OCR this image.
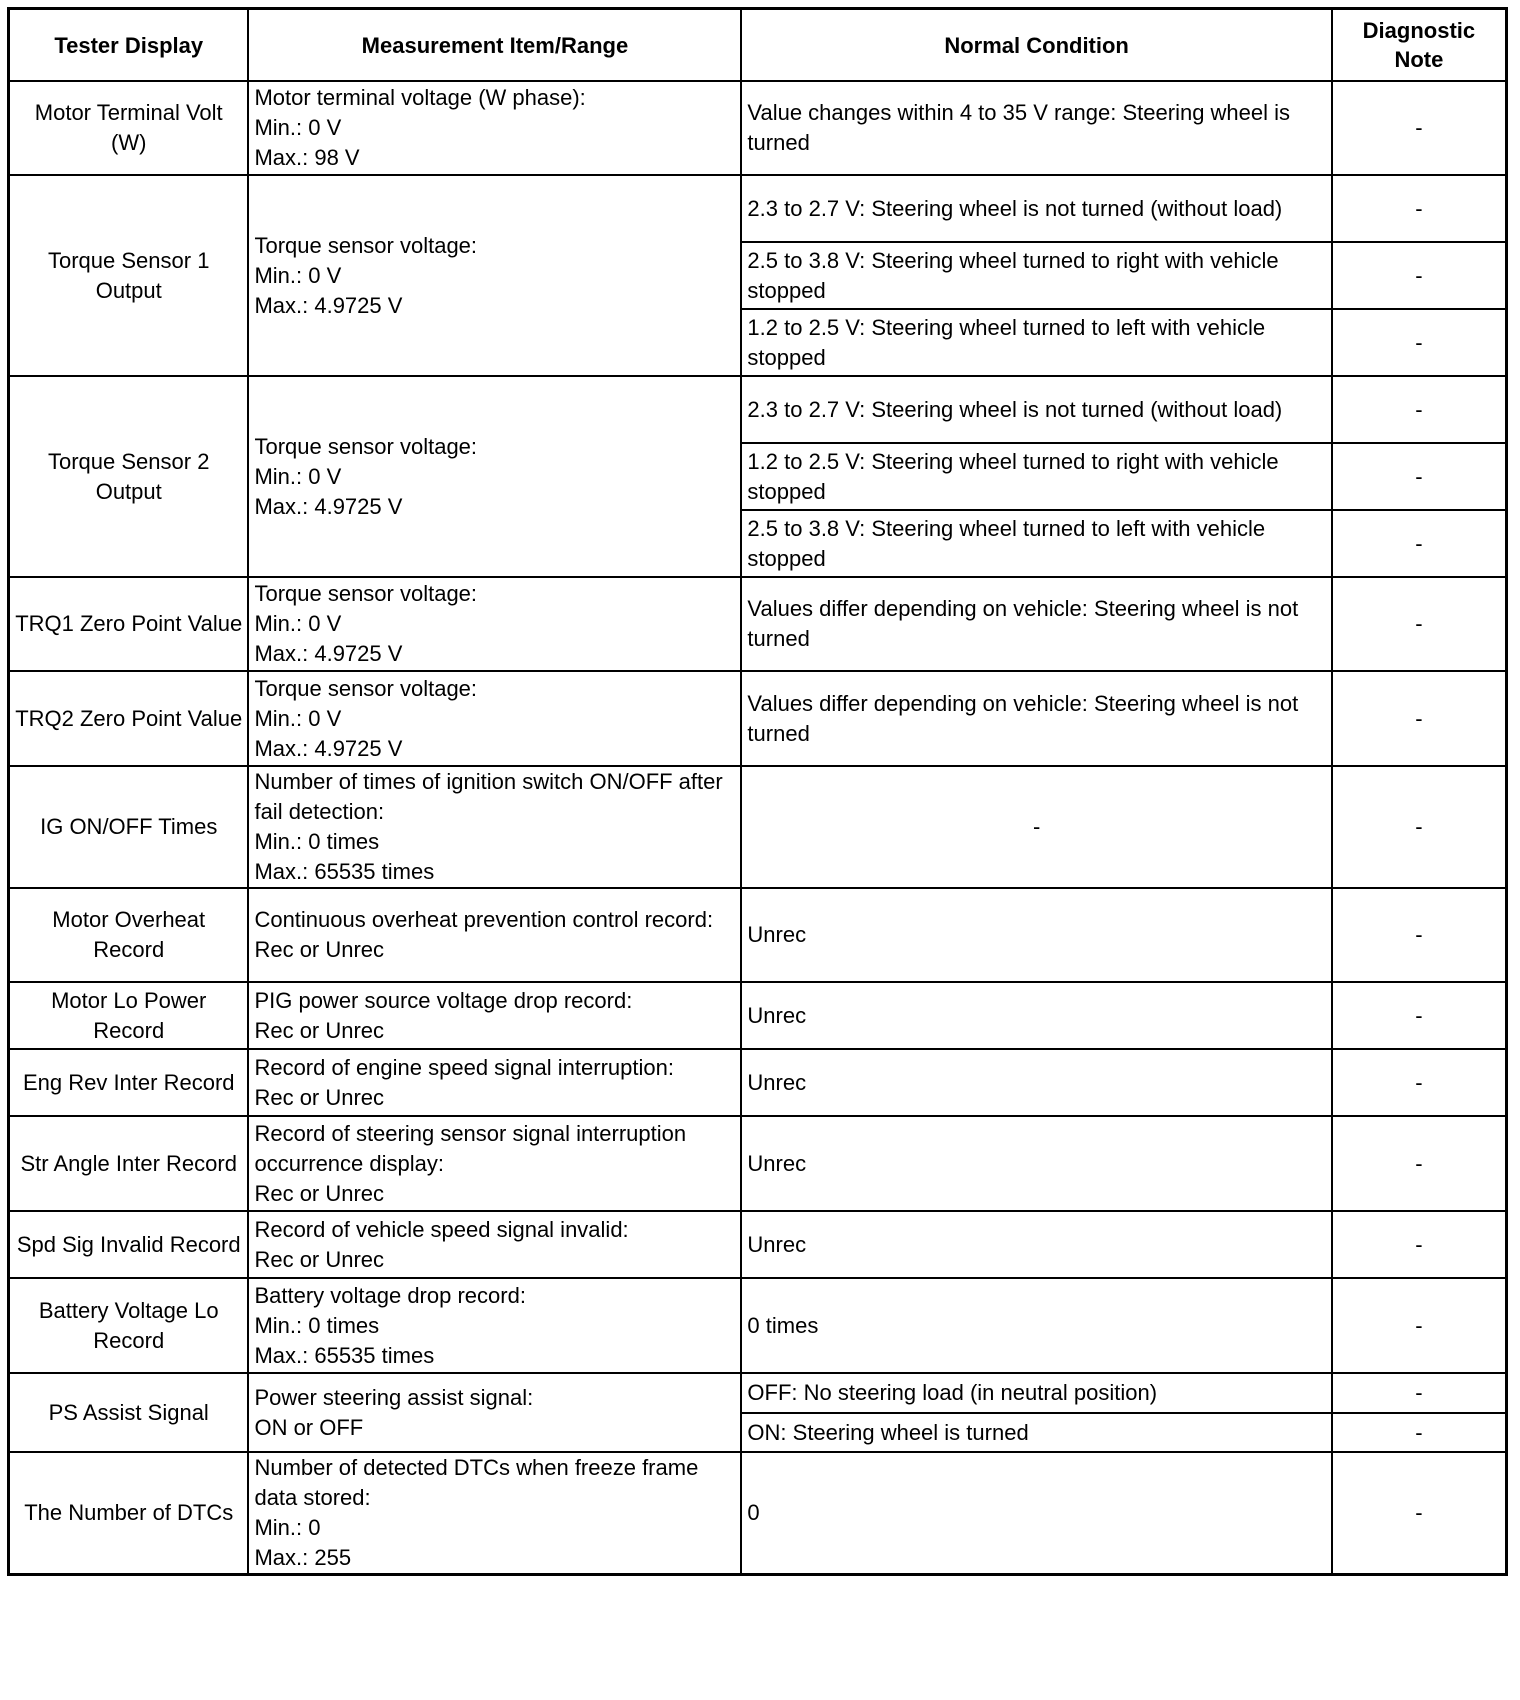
Tester Display	Measurement Item/Range	Normal Condition	Diagnostic Note
Motor Terminal Volt (W)	Motor terminal voltage (W phase):
Min.: 0 V
Max.: 98 V	Value changes within 4 to 35 V range: Steering wheel is turned	-
Torque Sensor 1 Output	Torque sensor voltage:
Min.: 0 V
Max.: 4.9725 V	2.3 to 2.7 V: Steering wheel is not turned (without load)	-
		2.5 to 3.8 V: Steering wheel turned to right with vehicle stopped	-
		1.2 to 2.5 V: Steering wheel turned to left with vehicle stopped	-
Torque Sensor 2 Output	Torque sensor voltage:
Min.: 0 V
Max.: 4.9725 V	2.3 to 2.7 V: Steering wheel is not turned (without load)	-
		1.2 to 2.5 V: Steering wheel turned to right with vehicle stopped	-
		2.5 to 3.8 V: Steering wheel turned to left with vehicle stopped	-
TRQ1 Zero Point Value	Torque sensor voltage:
Min.: 0 V
Max.: 4.9725 V	Values differ depending on vehicle: Steering wheel is not turned	-
TRQ2 Zero Point Value	Torque sensor voltage:
Min.: 0 V
Max.: 4.9725 V	Values differ depending on vehicle: Steering wheel is not turned	-
IG ON/OFF Times	Number of times of ignition switch ON/OFF after fail detection:
Min.: 0 times
Max.: 65535 times	-	-
Motor Overheat Record	Continuous overheat prevention control record:
Rec or Unrec	Unrec	-
Motor Lo Power Record	PIG power source voltage drop record:
Rec or Unrec	Unrec	-
Eng Rev Inter Record	Record of engine speed signal interruption:
Rec or Unrec	Unrec	-
Str Angle Inter Record	Record of steering sensor signal interruption occurrence display:
Rec or Unrec	Unrec	-
Spd Sig Invalid Record	Record of vehicle speed signal invalid:
Rec or Unrec	Unrec	-
Battery Voltage Lo Record	Battery voltage drop record:
Min.: 0 times
Max.: 65535 times	0 times	-
PS Assist Signal	Power steering assist signal:
ON or OFF	OFF: No steering load (in neutral position)	-
		ON: Steering wheel is turned	-
The Number of DTCs	Number of detected DTCs when freeze frame data stored:
Min.: 0
Max.: 255	0	-
